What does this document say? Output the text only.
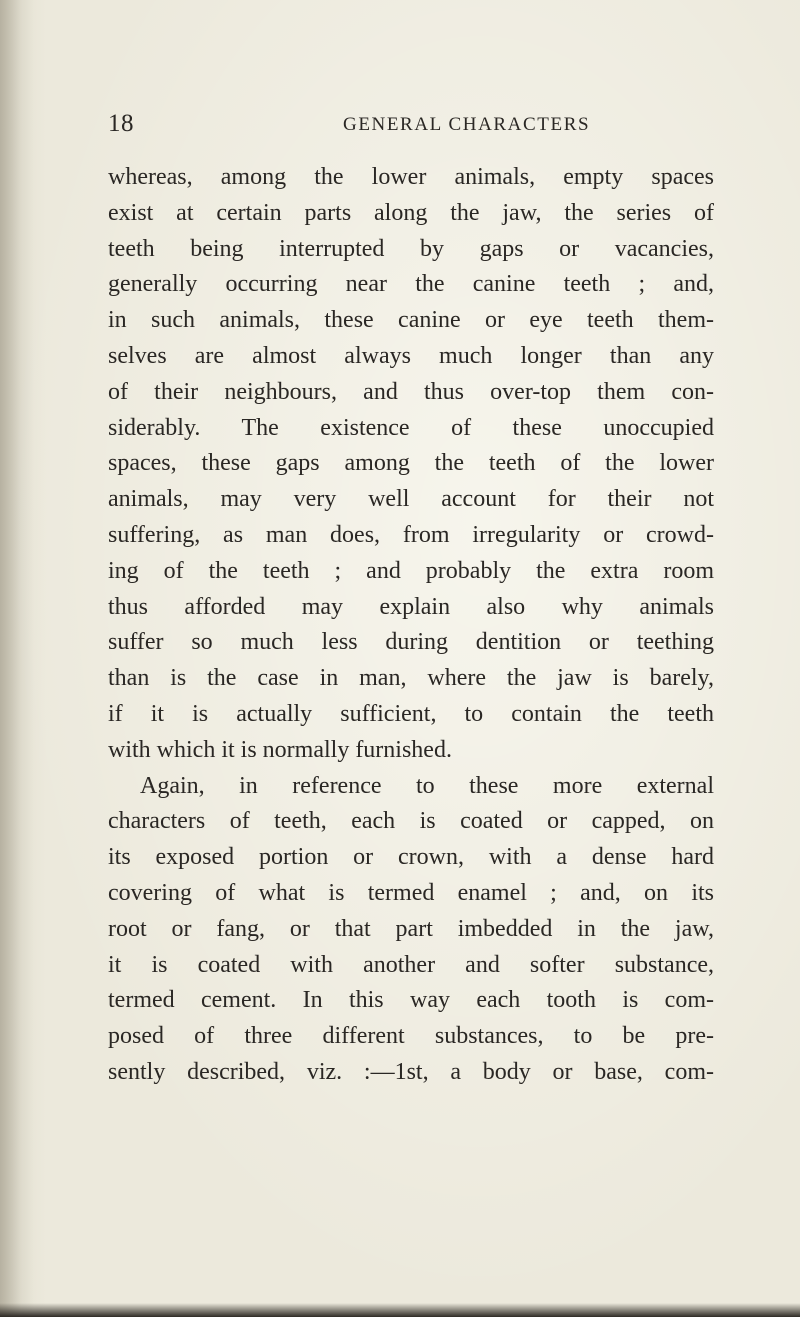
18	GENERAL CHARACTERS
whereas, among the lower animals, empty spaces
exist at certain parts along the jaw, the series of
teeth being interrupted by gaps or vacancies,
generally occurring near the canine teeth ; and,
in such animals, these canine or eye teeth them-
selves are almost always much longer than any
of their neighbours, and thus over-top them con-
siderably. The existence of these unoccupied
spaces, these gaps among the teeth of the lower
animals, may very well account for their not
suffering, as man does, from irregularity or crowd-
ing of the teeth ; and probably the extra room
thus afforded may explain also why animals
suffer so much less during dentition or teething
than is the case in man, where the jaw is barely,
if it is actually sufficient, to contain the teeth
with which it is normally furnished.
Again, in reference to these more external
characters of teeth, each is coated or capped, on
its exposed portion or crown, with a dense hard
covering of what is termed enamel ; and, on its
root or fang, or that part imbedded in the jaw,
it is coated with another and softer substance,
termed cement. In this way each tooth is com-
posed of three different substances, to be pre-
sently described, viz. :—1st, a body or base, com-
